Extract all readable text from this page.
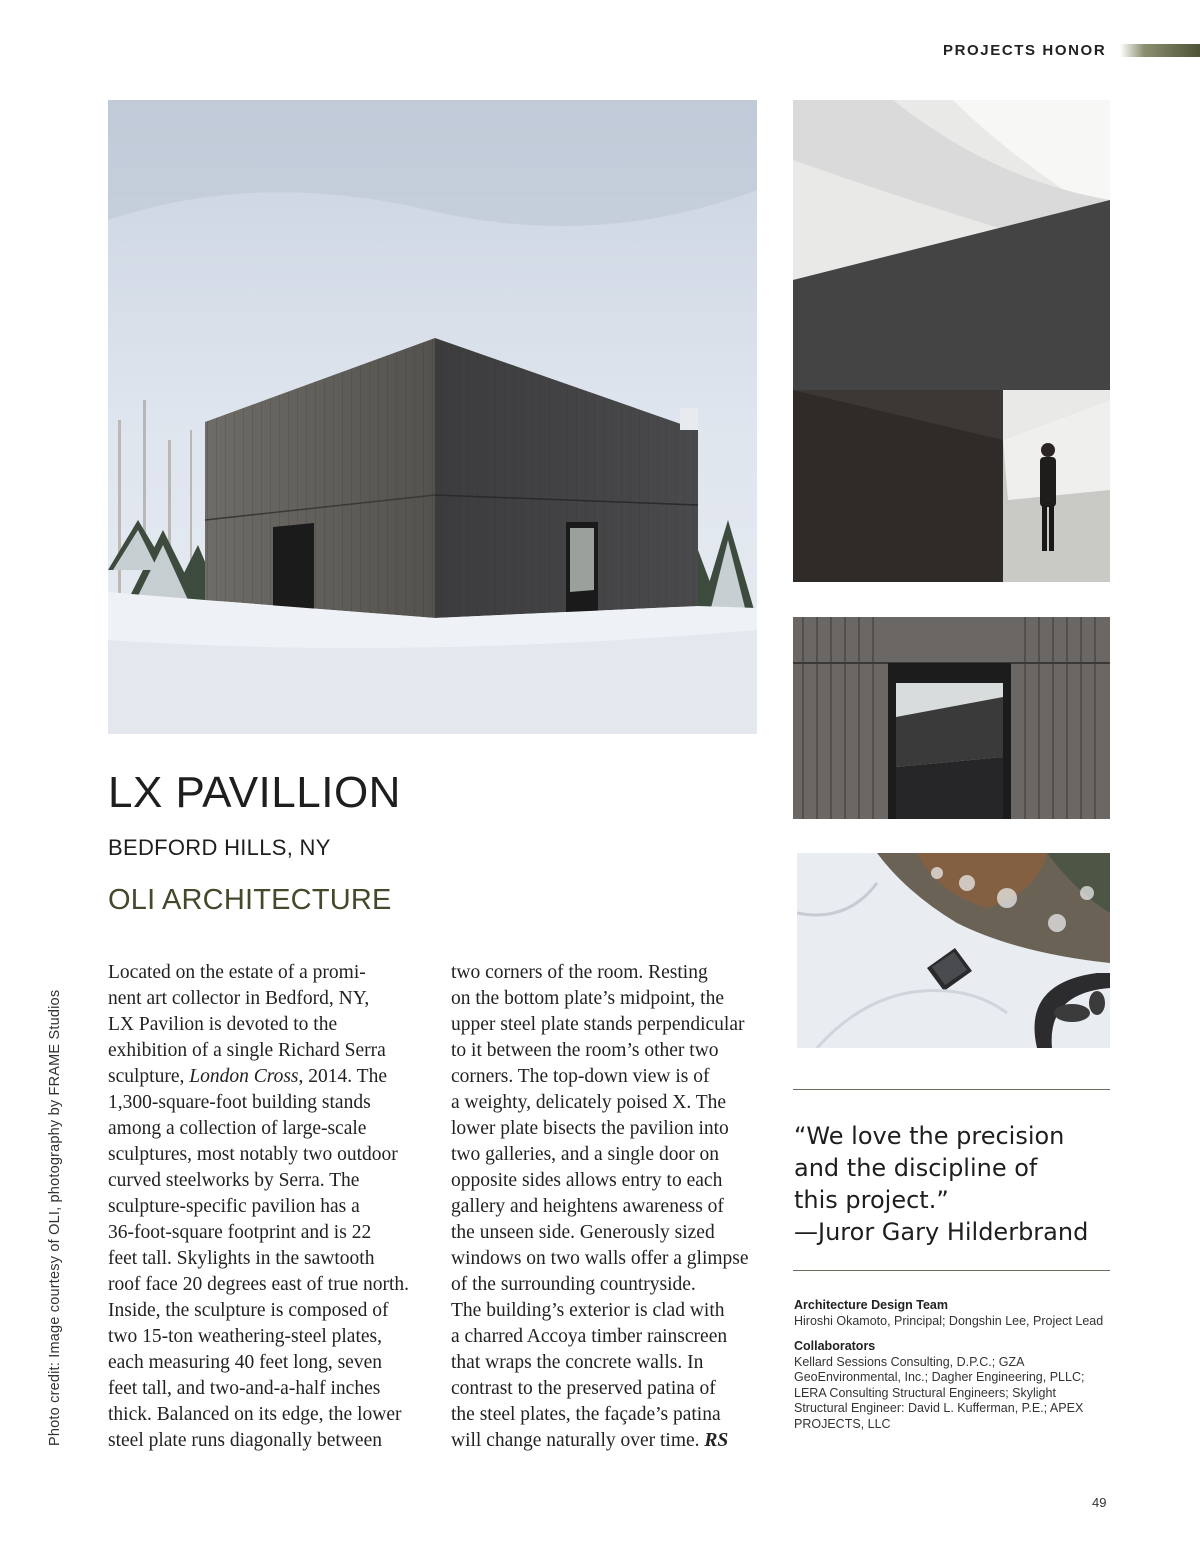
PROJECTS HONOR
LX PAVILLION
BEDFORD HILLS, NY
OLI ARCHITECTURE
Located on the estate of a promi-
nent art collector in Bedford, NY,
LX Pavilion is devoted to the
exhibition of a single Richard Serra
sculpture, London Cross, 2014. The
1,300-square-foot building stands
among a collection of large-scale
sculptures, most notably two outdoor
curved steelworks by Serra. The
sculpture-specific pavilion has a
36-foot-square footprint and is 22
feet tall. Skylights in the sawtooth
roof face 20 degrees east of true north.
Inside, the sculpture is composed of
two 15-ton weathering-steel plates,
each measuring 40 feet long, seven
feet tall, and two-and-a-half inches
thick. Balanced on its edge, the lower
steel plate runs diagonally between
two corners of the room. Resting
on the bottom plate’s midpoint, the
upper steel plate stands perpendicular
to it between the room’s other two
corners. The top-down view is of
a weighty, delicately poised X. The
lower plate bisects the pavilion into
two galleries, and a single door on
opposite sides allows entry to each
gallery and heightens awareness of
the unseen side. Generously sized
windows on two walls offer a glimpse
of the surrounding countryside.
The building’s exterior is clad with
a charred Accoya timber rainscreen
that wraps the concrete walls. In
contrast to the preserved patina of
the steel plates, the façade’s patina
will change naturally over time. RS
Photo credit: Image courtesy of OLI, photography by FRAME Studios	“We love the precision
and the discipline of
this project.”
—Juror Gary Hilderbrand
Architecture Design Team
Hiroshi Okamoto, Principal; Dongshin Lee, Project Lead
Collaborators
Kellard Sessions Consulting, D.P.C.; GZA GeoEnvironmental, Inc.; Dagher Engineering, PLLC; LERA Consulting Structural Engineers; Skylight Structural Engineer: David L. Kufferman, P.E.; APEX PROJECTS, LLC
49
